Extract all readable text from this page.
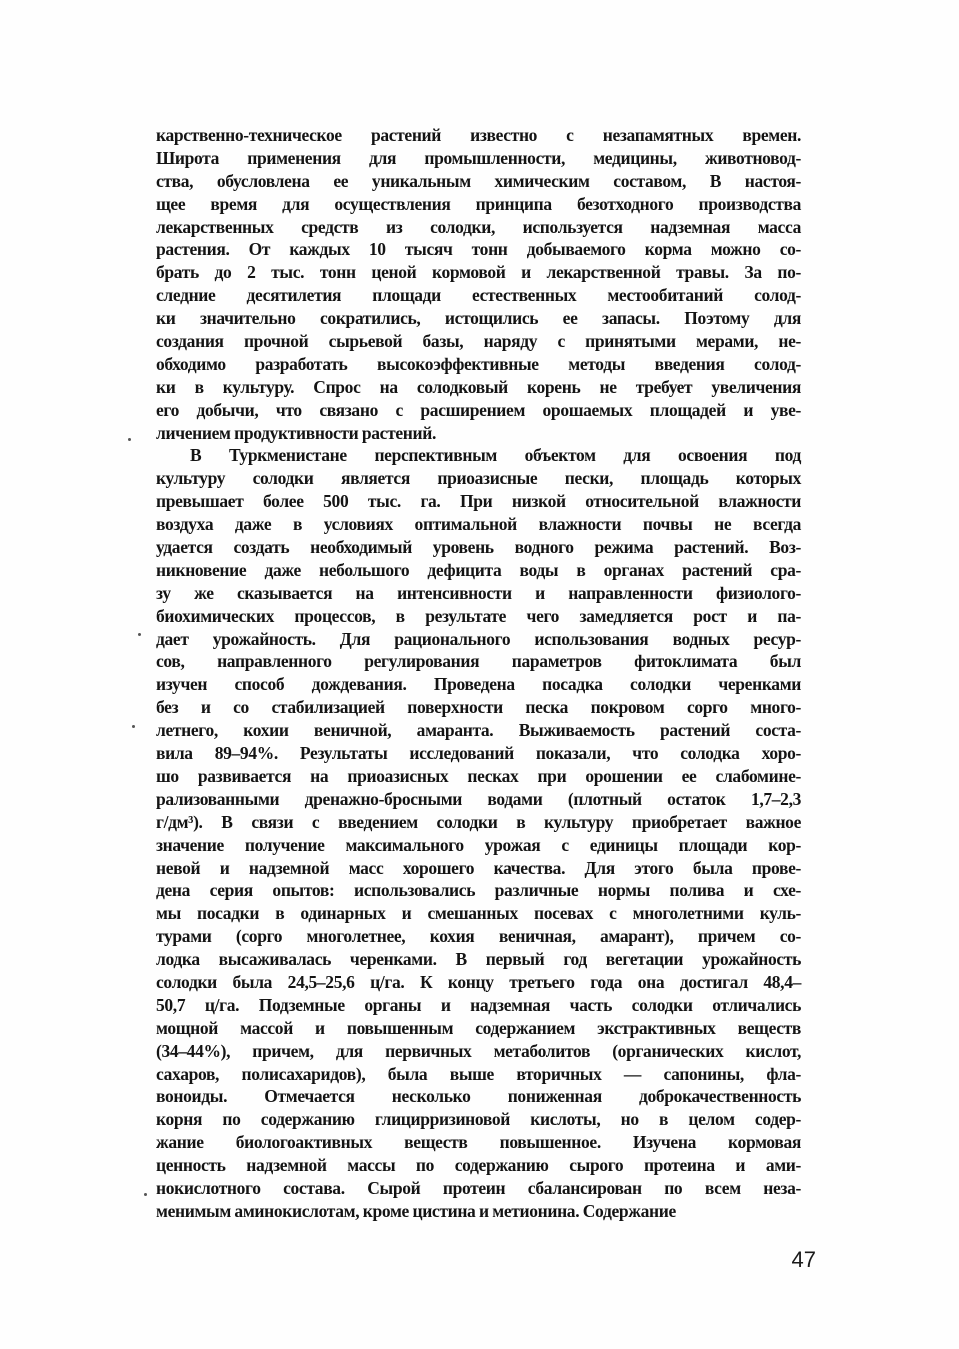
карственно-техническое растений известно с незапамятных времен.
Широта применения для промышленности, медицины, животновод-
ства, обусловлена ее уникальным химическим составом, В настоя-
щее время для осуществления принципа безотходного производства
лекарственных средств из солодки, используется надземная масса
растения. От каждых 10 тысяч тонн добываемого корма можно со-
брать до 2 тыс. тонн ценой кормовой и лекарственной травы. За по-
следние десятилетия площади естественных местообитаний солод-
ки значительно сократились, истощились ее запасы. Поэтому для
создания прочной сырьевой базы, наряду с принятыми мерами, не-
обходимо разработать высокоэффективные методы введения солод-
ки в культуру. Спрос на солодковый корень не требует увеличения
его добычи, что связано с расширением орошаемых площадей и уве-
личением продуктивности растений.
В Туркменистане перспективным объектом для освоения под
культуру солодки является приоазисные пески, площадь которых
превышает более 500 тыс. га. При низкой относительной влажности
воздуха даже в условиях оптимальной влажности почвы не всегда
удается создать необходимый уровень водного режима растений. Воз-
никновение даже небольшого дефицита воды в органах растений сра-
зу же сказывается на интенсивности и направленности физиолого-
биохимических процессов, в результате чего замедляется рост и па-
дает урожайность. Для рационального использования водных ресур-
сов, направленного регулирования параметров фитоклимата был
изучен способ дождевания. Проведена посадка солодки черенками
без и со стабилизацией поверхности песка покровом сорго много-
летнего, кохии веничной, амаранта. Выживаемость растений соста-
вила 89–94%. Результаты исследований показали, что солодка хоро-
шо развивается на приоазисных песках при орошении ее слабомине-
рализованными дренажно-бросными водами (плотный остаток 1,7–2,3
г/дм³). В связи с введением солодки в культуру приобретает важное
значение получение максимального урожая с единицы площади кор-
невой и надземной масс хорошего качества. Для этого была прове-
дена серия опытов: использовались различные нормы полива и схе-
мы посадки в одинарных и смешанных посевах с многолетними куль-
турами (сорго многолетнее, кохия веничная, амарант), причем со-
лодка высаживалась черенками. В первый год вегетации урожайность
солодки была 24,5–25,6 ц/га. К концу третьего года она достигал 48,4–
50,7 ц/га. Подземные органы и надземная часть солодки отличались
мощной массой и повышенным содержанием экстрактивных веществ
(34–44%), причем, для первичных метаболитов (органических кислот,
сахаров, полисахаридов), была выше вторичных — сапонины, фла-
воноиды. Отмечается несколько пониженная доброкачественность
корня по содержанию глицирризиновой кислоты, но в целом содер-
жание биологоактивных веществ повышенное. Изучена кормовая
ценность надземной массы по содержанию сырого протеина и ами-
нокислотного состава. Сырой протеин сбалансирован по всем неза-
менимым аминокислотам, кроме цистина и метионина. Содержание
47
